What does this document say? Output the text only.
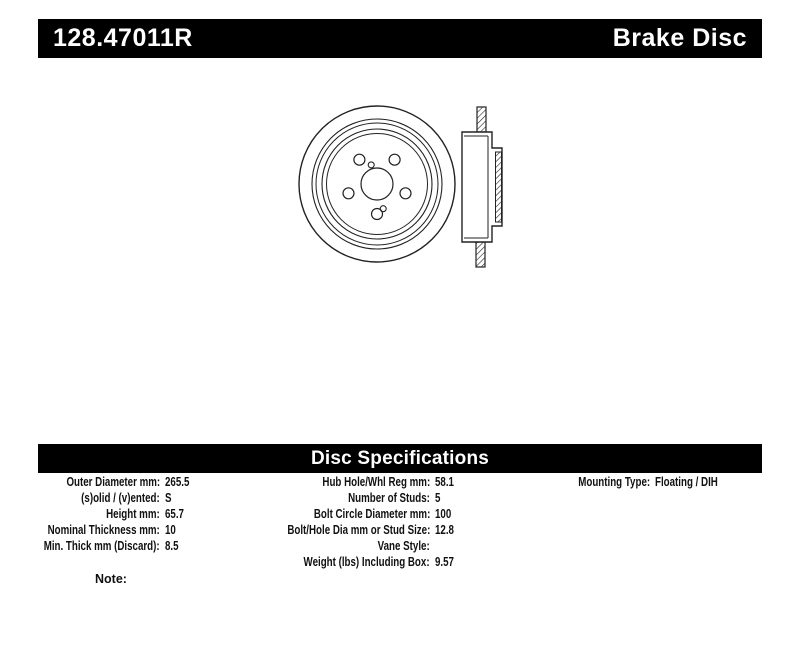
128.47011R	Brake Disc
Disc Specifications
Outer Diameter mm: 265.5
(s)olid / (v)ented: S
Height mm: 65.7
Nominal Thickness mm: 10
Min. Thick mm (Discard): 8.5
Hub Hole/Whl Reg mm: 58.1
Number of Studs: 5
Bolt Circle Diameter mm: 100
Bolt/Hole Dia mm or Stud Size: 12.8
Vane Style:
Weight (lbs) Including Box: 9.57
Mounting Type: Floating / DIH
Note:
